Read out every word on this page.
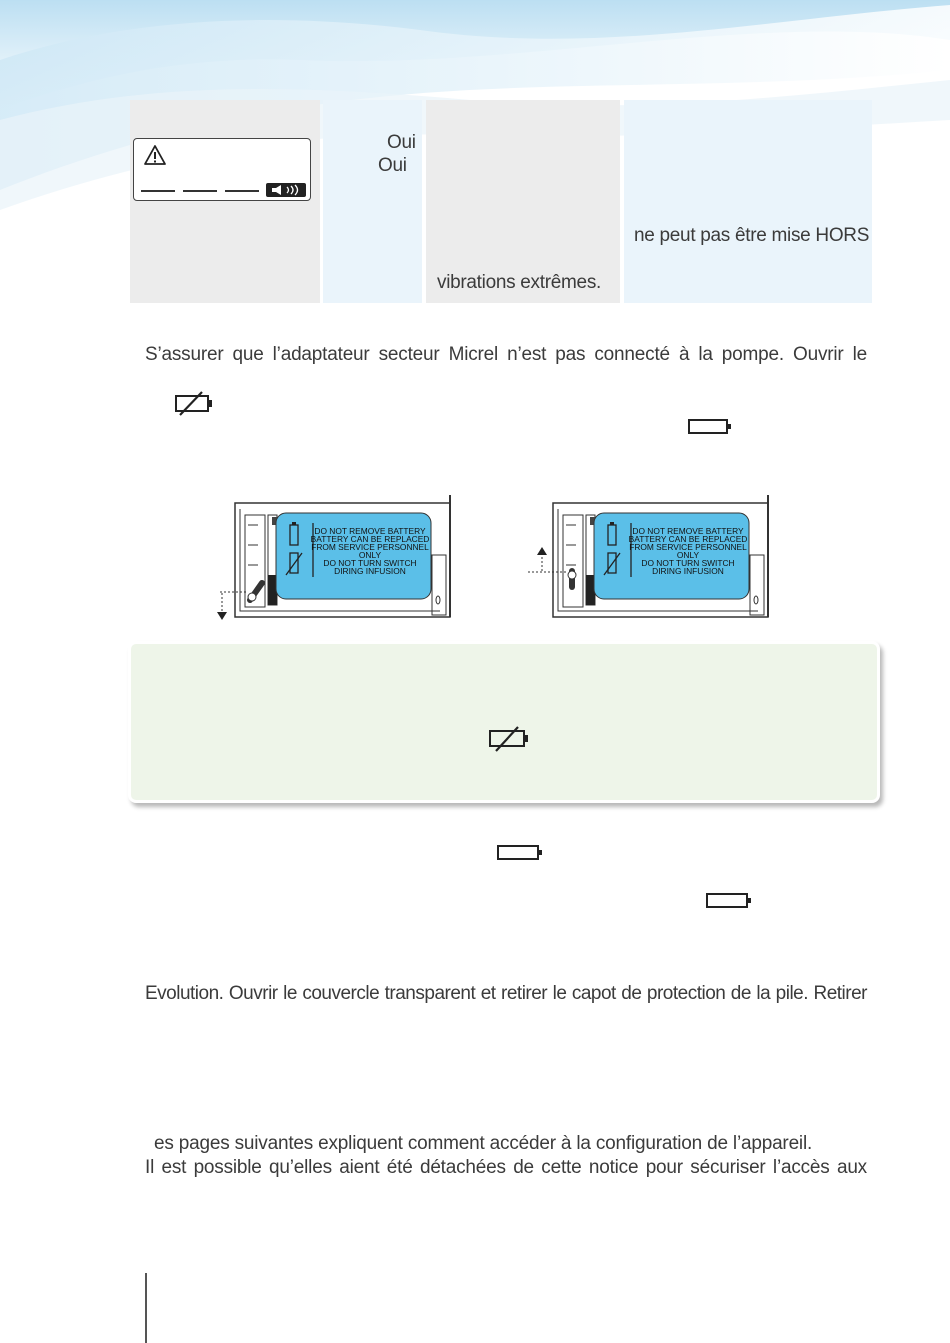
Oui
Oui
vibrations extrêmes.
ne peut pas être mise HORS
S’assurer que l’adaptateur secteur Micrel n’est pas connecté à la pompe. Ouvrir le
DO NOT REMOVE BATTERY
BATTERY CAN BE REPLACED
FROM SERVICE PERSONNEL
ONLY
DO NOT TURN SWITCH
DIRING INFUSION
DO NOT REMOVE BATTERY
BATTERY CAN BE REPLACED
FROM SERVICE PERSONNEL
ONLY
DO NOT TURN SWITCH
DIRING INFUSION
Evolution. Ouvrir le couvercle transparent et retirer le capot de protection de la pile. Retirer
es pages suivantes expliquent comment accéder à la configuration de l’appareil.
Il est possible qu’elles aient été détachées de cette notice pour sécuriser l’accès aux
